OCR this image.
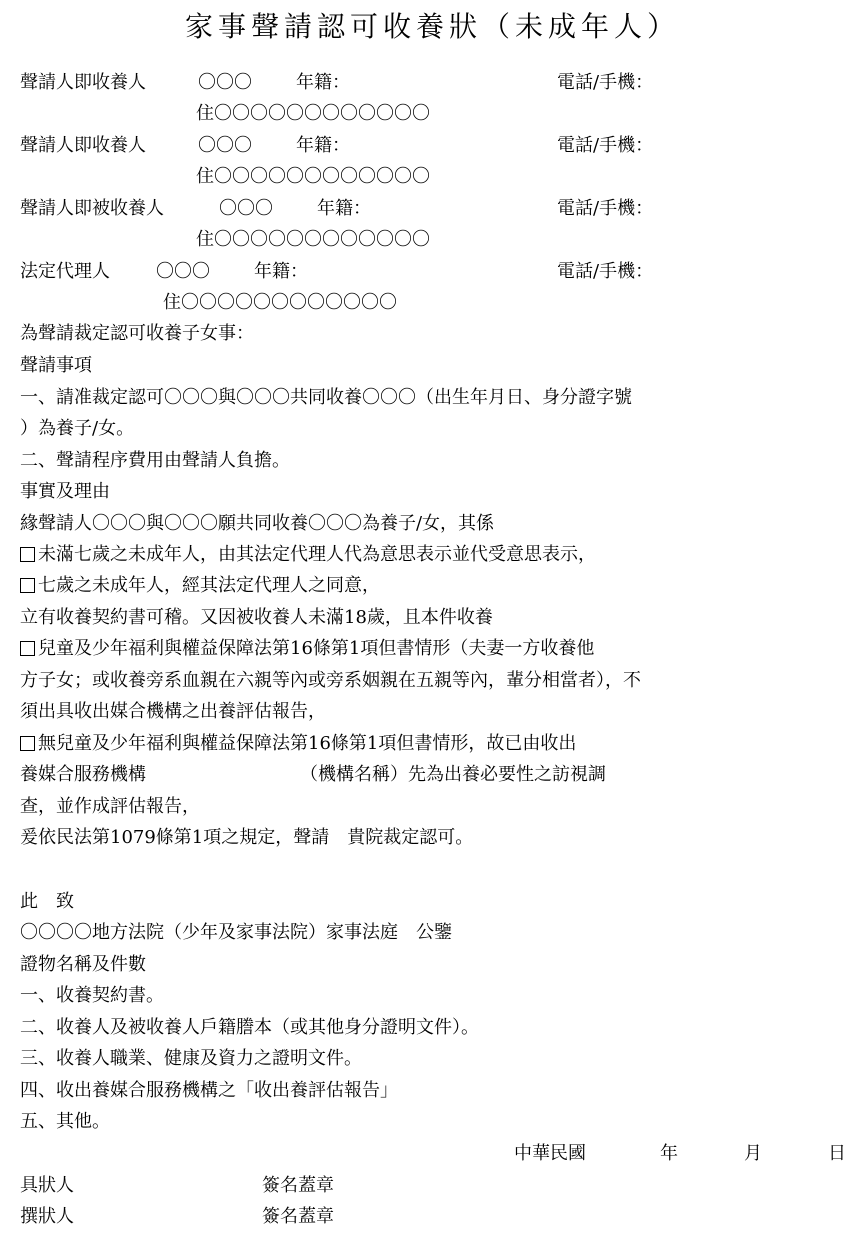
家事聲請認可收養狀（未成年人）
聲請人即收養人	〇〇〇 年籍：	電話/手機：
住〇〇〇〇〇〇〇〇〇〇〇〇
聲請人即收養人	〇〇〇 年籍：	電話/手機：
住〇〇〇〇〇〇〇〇〇〇〇〇
聲請人即被收養人	〇〇〇 年籍：	電話/手機：
住〇〇〇〇〇〇〇〇〇〇〇〇
法定代理人	〇〇〇 年籍：	電話/手機：
住〇〇〇〇〇〇〇〇〇〇〇〇
為聲請裁定認可收養子女事：
聲請事項
一、請准裁定認可〇〇〇與〇〇〇共同收養〇〇〇（出生年月日、身分證字號
）為養子/女。
二、聲請程序費用由聲請人負擔。
事實及理由
緣聲請人〇〇〇與〇〇〇願共同收養〇〇〇為養子/女，其係
未滿七歲之未成年人，由其法定代理人代為意思表示並代受意思表示，
七歲之未成年人，經其法定代理人之同意，
立有收養契約書可稽。又因被收養人未滿18歲，且本件收養
兒童及少年福利與權益保障法第16條第1項但書情形（夫妻一方收養他
方子女；或收養旁系血親在六親等內或旁系姻親在五親等內，輩分相當者），不
須出具收出媒合機構之出養評估報告，
無兒童及少年福利與權益保障法第16條第1項但書情形，故已由收出
養媒合服務機構	（機構名稱）先為出養必要性之訪視調
查，並作成評估報告，
爰依民法第1079條第1項之規定，聲請　貴院裁定認可。
此　致
〇〇〇〇地方法院（少年及家事法院）家事法庭　公鑒
證物名稱及件數
一、收養契約書。
二、收養人及被收養人戶籍謄本（或其他身分證明文件）。
三、收養人職業、健康及資力之證明文件。
四、收出養媒合服務機構之「收出養評估報告」
五、其他。
中華民國	年	月	日
具狀人	簽名蓋章
撰狀人	簽名蓋章
